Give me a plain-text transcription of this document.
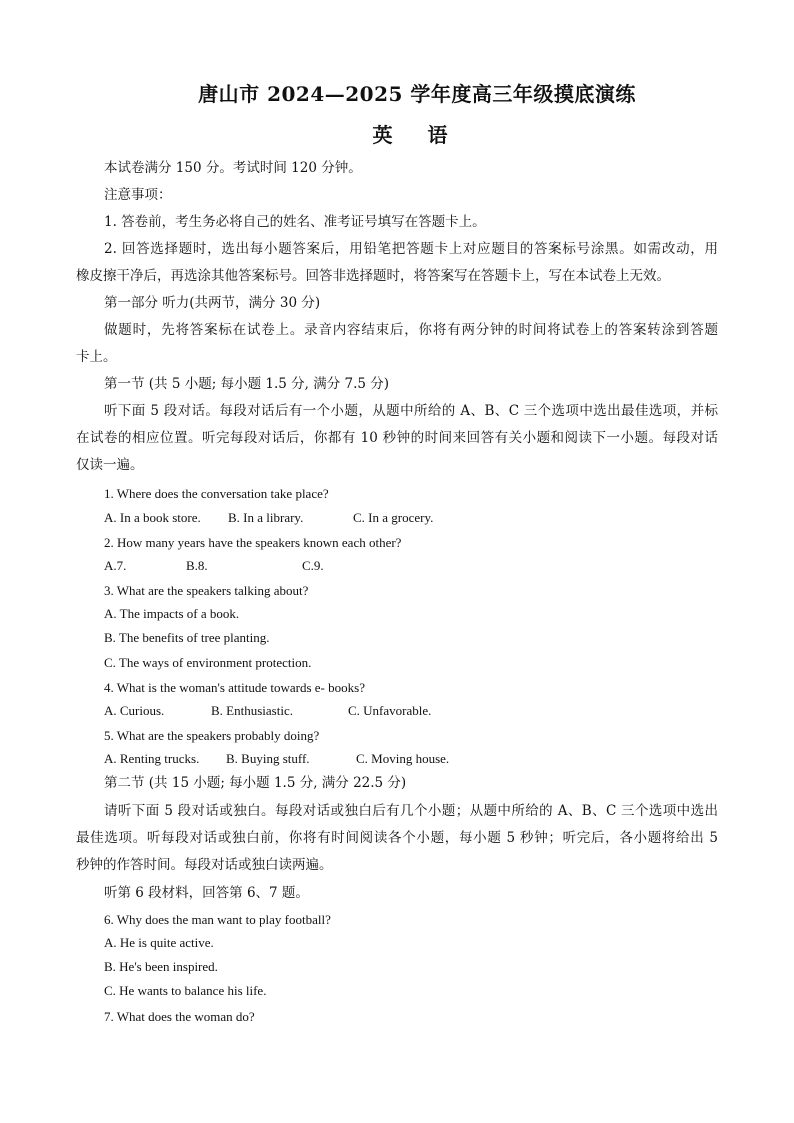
唐山市 2024—2025 学年度高三年级摸底演练
英 语
本试卷满分 150 分。考试时间 120 分钟。
注意事项：
1. 答卷前，考生务必将自己的姓名、准考证号填写在答题卡上。
2. 回答选择题时，选出每小题答案后，用铅笔把答题卡上对应题目的答案标号涂黑。如需改动，用
橡皮擦干净后，再选涂其他答案标号。回答非选择题时，将答案写在答题卡上，写在本试卷上无效。
第一部分 听力(共两节，满分 30 分)
做题时，先将答案标在试卷上。录音内容结束后，你将有两分钟的时间将试卷上的答案转涂到答题
卡上。
第一节 (共 5 小题; 每小题 1.5 分, 满分 7.5 分)
听下面 5 段对话。每段对话后有一个小题，从题中所给的 A、B、C 三个选项中选出最佳选项，并标
在试卷的相应位置。听完每段对话后，你都有 10 秒钟的时间来回答有关小题和阅读下一小题。每段对话
仅读一遍。
1. Where does the conversation take place?
A. In a book store. B. In a library.	C. In a grocery.
2. How many years have the speakers known each other?
A.7.	B.8.	C.9.
3. What are the speakers talking about?
A. The impacts of a book.
B. The benefits of tree planting.
C. The ways of environment protection.
4. What is the woman's attitude towards e- books?
A. Curious.	B. Enthusiastic.	C. Unfavorable.
5. What are the speakers probably doing?
A. Renting trucks. B. Buying stuff.	C. Moving house.
第二节 (共 15 小题; 每小题 1.5 分, 满分 22.5 分)
请听下面 5 段对话或独白。每段对话或独白后有几个小题；从题中所给的 A、B、C 三个选项中选出
最佳选项。听每段对话或独白前，你将有时间阅读各个小题，每小题 5 秒钟；听完后，各小题将给出 5
秒钟的作答时间。每段对话或独白读两遍。
听第 6 段材料，回答第 6、7 题。
6. Why does the man want to play football?
A. He is quite active.
B. He's been inspired.
C. He wants to balance his life.
7. What does the woman do?
